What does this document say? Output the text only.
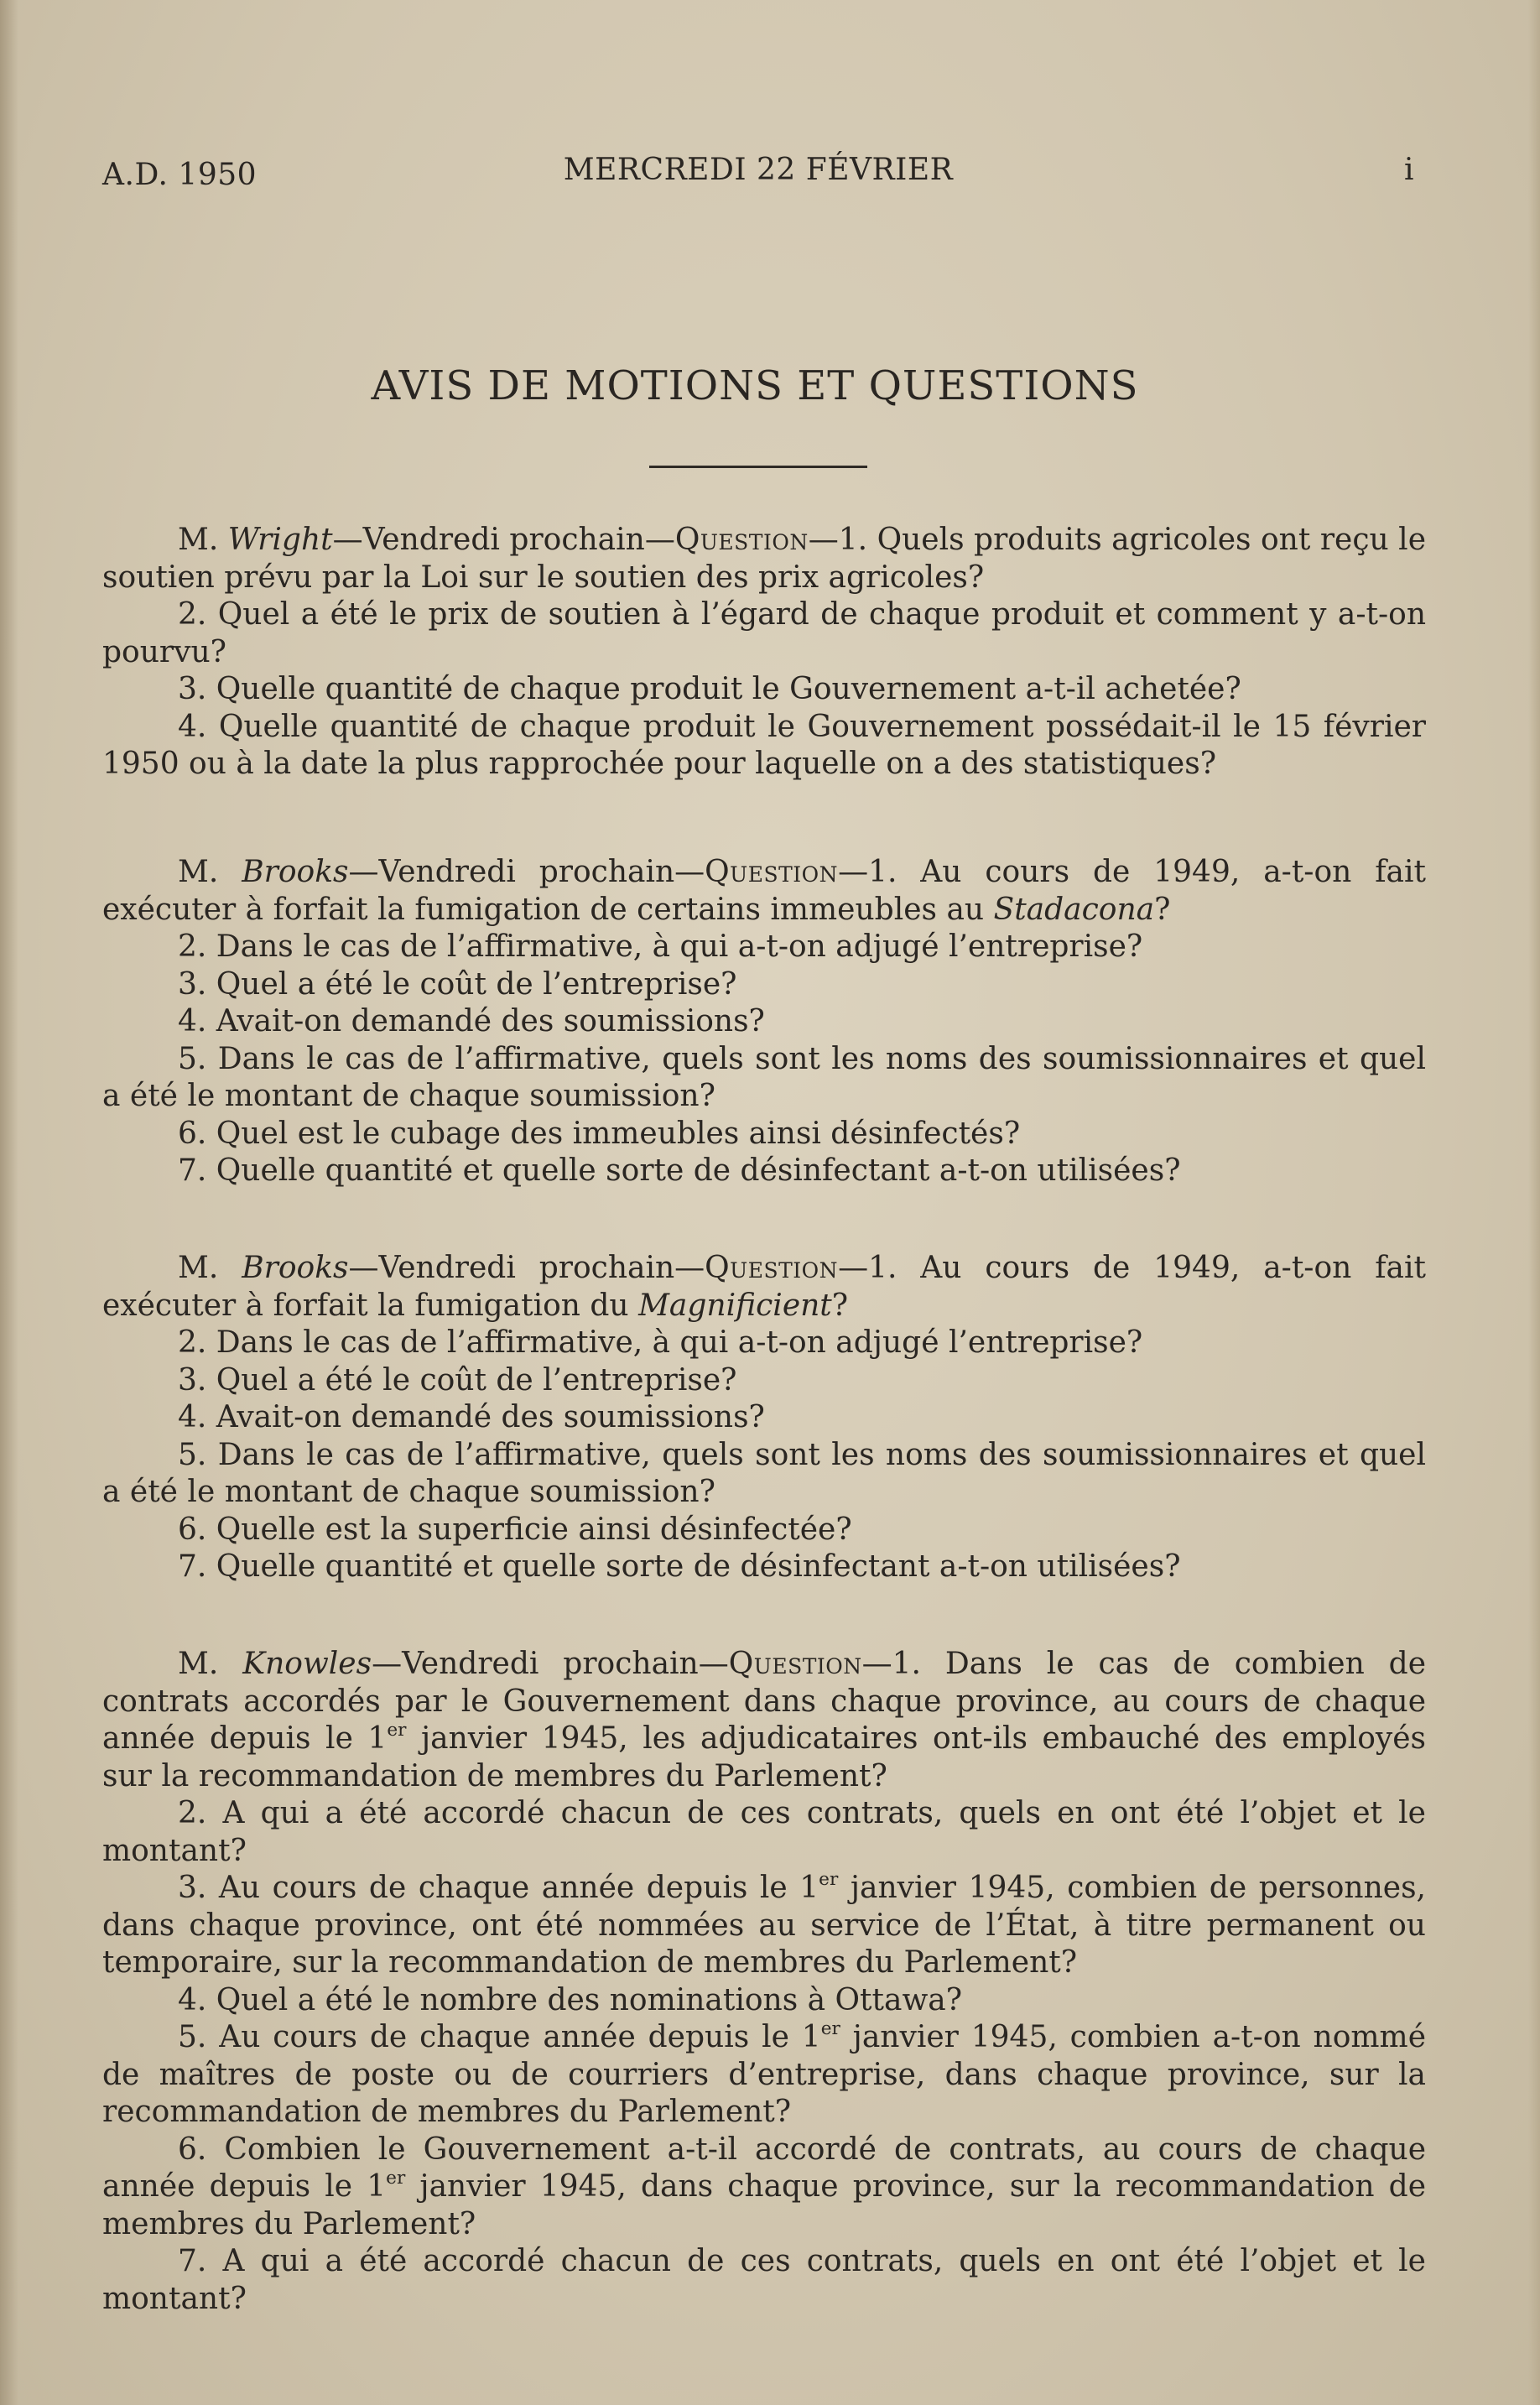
A.D. 1950	MERCREDI 22 FÉVRIER	i
AVIS DE MOTIONS ET QUESTIONS

M. Wright—Vendredi prochain—Question—1. Quels produits agricoles ont reçu le soutien prévu par la Loi sur le soutien des prix agricoles?

2. Quel a été le prix de soutien à l’égard de chaque produit et comment y a-t-on pourvu?

3. Quelle quantité de chaque produit le Gouvernement a-t-il achetée?

4. Quelle quantité de chaque produit le Gouvernement possédait-il le 15 février 1950 ou à la date la plus rapprochée pour laquelle on a des statistiques?

M. Brooks—Vendredi prochain—Question—1. Au cours de 1949, a-t-on fait exécuter à forfait la fumigation de certains immeubles au Stadacona?

2. Dans le cas de l’affirmative, à qui a-t-on adjugé l’entreprise?

3. Quel a été le coût de l’entreprise?

4. Avait-on demandé des soumissions?

5. Dans le cas de l’affirmative, quels sont les noms des soumissionnaires et quel a été le montant de chaque soumission?

6. Quel est le cubage des immeubles ainsi désinfectés?

7. Quelle quantité et quelle sorte de désinfectant a-t-on utilisées?

M. Brooks—Vendredi prochain—Question—1. Au cours de 1949, a-t-on fait exécuter à forfait la fumigation du Magnificient?

2. Dans le cas de l’affirmative, à qui a-t-on adjugé l’entreprise?

3. Quel a été le coût de l’entreprise?

4. Avait-on demandé des soumissions?

5. Dans le cas de l’affirmative, quels sont les noms des soumissionnaires et quel a été le montant de chaque soumission?

6. Quelle est la superficie ainsi désinfectée?

7. Quelle quantité et quelle sorte de désinfectant a-t-on utilisées?

M. Knowles—Vendredi prochain—Question—1. Dans le cas de combien de contrats accordés par le Gouvernement dans chaque province, au cours de chaque année depuis le 1er janvier 1945, les adjudicataires ont-ils embauché des employés sur la recommandation de membres du Parlement?

2. A qui a été accordé chacun de ces contrats, quels en ont été l’objet et le montant?

3. Au cours de chaque année depuis le 1er janvier 1945, combien de personnes, dans chaque province, ont été nommées au service de l’État, à titre permanent ou temporaire, sur la recommandation de membres du Parlement?

4. Quel a été le nombre des nominations à Ottawa?

5. Au cours de chaque année depuis le 1er janvier 1945, combien a-t-on nommé de maîtres de poste ou de courriers d’entreprise, dans chaque province, sur la recommandation de membres du Parlement?

6. Combien le Gouvernement a-t-il accordé de contrats, au cours de chaque année depuis le 1er janvier 1945, dans chaque province, sur la recommandation de membres du Parlement?

7. A qui a été accordé chacun de ces contrats, quels en ont été l’objet et le montant?
